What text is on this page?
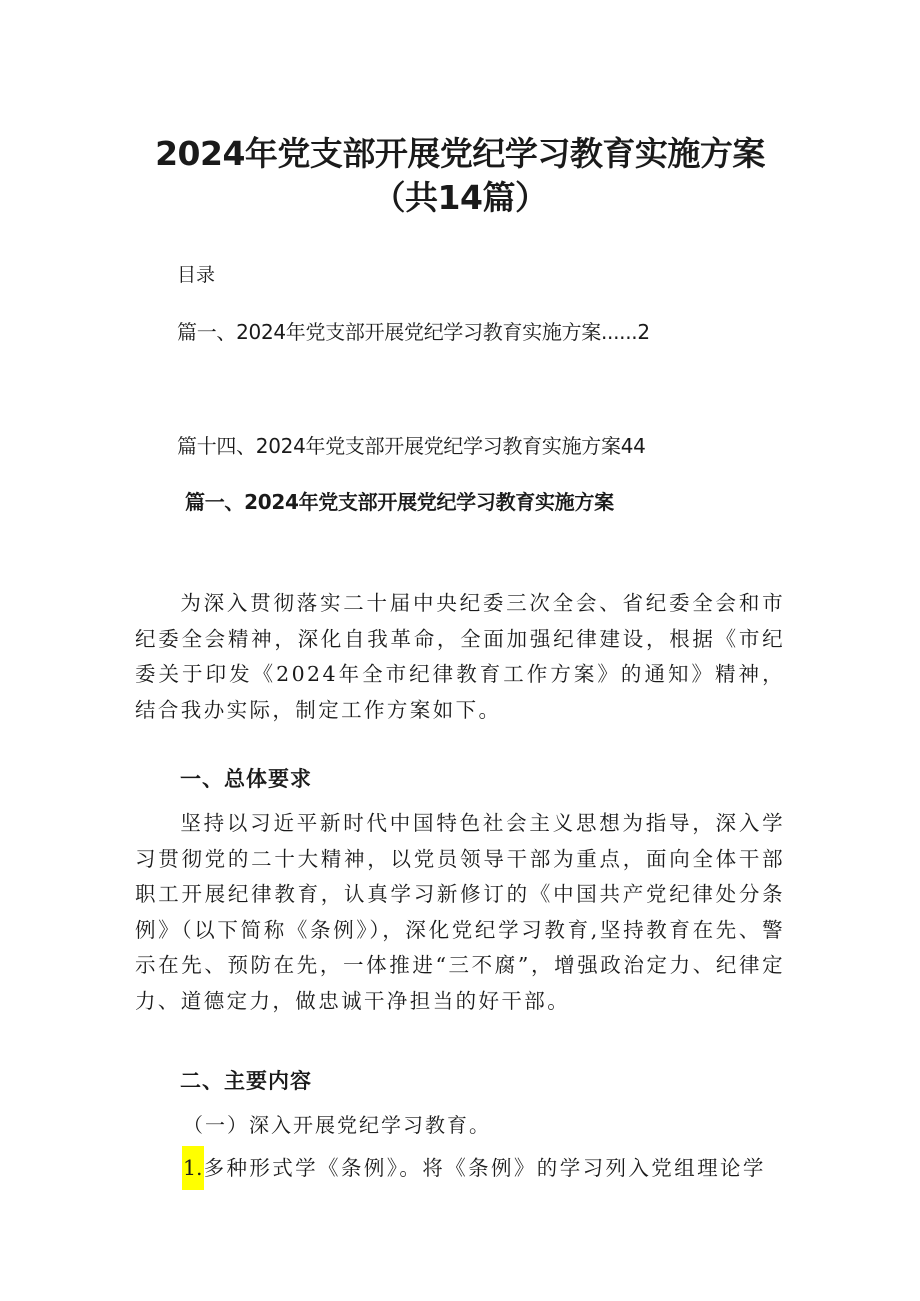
2024年党支部开展党纪学习教育实施方案
（共14篇）
目录
篇一、2024年党支部开展党纪学习教育实施方案......2
篇十四、2024年党支部开展党纪学习教育实施方案44
篇一、2024年党支部开展党纪学习教育实施方案

为深入贯彻落实二十届中央纪委三次全会、省纪委全会和市纪委全会精神，深化自我革命，全面加强纪律建设，根据《市纪委关于印发《2024年全市纪律教育工作方案》的通知》精神，结合我办实际，制定工作方案如下。

一、总体要求

坚持以习近平新时代中国特色社会主义思想为指导，深入学习贯彻党的二十大精神，以党员领导干部为重点，面向全体干部职工开展纪律教育，认真学习新修订的《中国共产党纪律处分条例》（以下简称《条例》），深化党纪学习教育,坚持教育在先、警示在先、预防在先，一体推进“三不腐”，增强政治定力、纪律定力、道德定力，做忠诚干净担当的好干部。

二、主要内容
（一）深入开展党纪学习教育。
1.多种形式学《条例》。将《条例》的学习列入党组理论学
